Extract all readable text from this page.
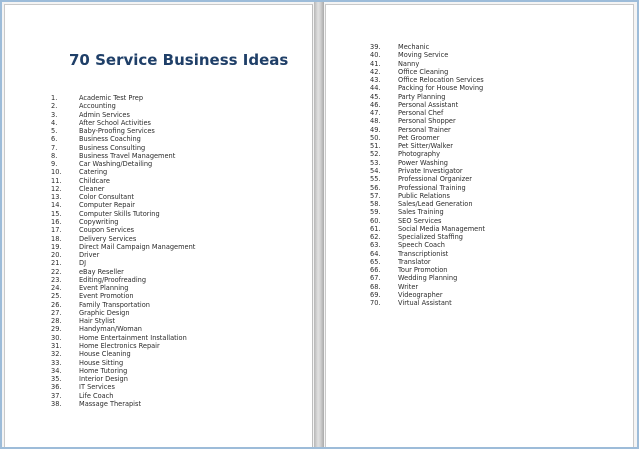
70 Service Business Ideas
1.	Academic Test Prep
2.	Accounting
3.	Admin Services
4.	After School Activities
5.	Baby-Proofing Services
6.	Business Coaching
7.	Business Consulting
8.	Business Travel Management
9.	Car Washing/Detailing
10.	Catering
11.	Childcare
12.	Cleaner
13.	Color Consultant
14.	Computer Repair
15.	Computer Skills Tutoring
16.	Copywriting
17.	Coupon Services
18.	Delivery Services
19.	Direct Mail Campaign Management
20.	Driver
21.	DJ
22.	eBay Reseller
23.	Editing/Proofreading
24.	Event Planning
25.	Event Promotion
26.	Family Transportation
27.	Graphic Design
28.	Hair Stylist
29.	Handyman/Woman
30.	Home Entertainment Installation
31.	Home Electronics Repair
32.	House Cleaning
33.	House Sitting
34.	Home Tutoring
35.	Interior Design
36.	IT Services
37.	Life Coach
38.	Massage Therapist
39.	Mechanic
40.	Moving Service
41.	Nanny
42.	Office Cleaning
43.	Office Relocation Services
44.	Packing for House Moving
45.	Party Planning
46.	Personal Assistant
47.	Personal Chef
48.	Personal Shopper
49.	Personal Trainer
50.	Pet Groomer
51.	Pet Sitter/Walker
52.	Photography
53.	Power Washing
54.	Private Investigator
55.	Professional Organizer
56.	Professional Training
57.	Public Relations
58.	Sales/Lead Generation
59.	Sales Training
60.	SEO Services
61.	Social Media Management
62.	Specialized Staffing
63.	Speech Coach
64.	Transcriptionist
65.	Translator
66.	Tour Promotion
67.	Wedding Planning
68.	Writer
69.	Videographer
70.	Virtual Assistant
